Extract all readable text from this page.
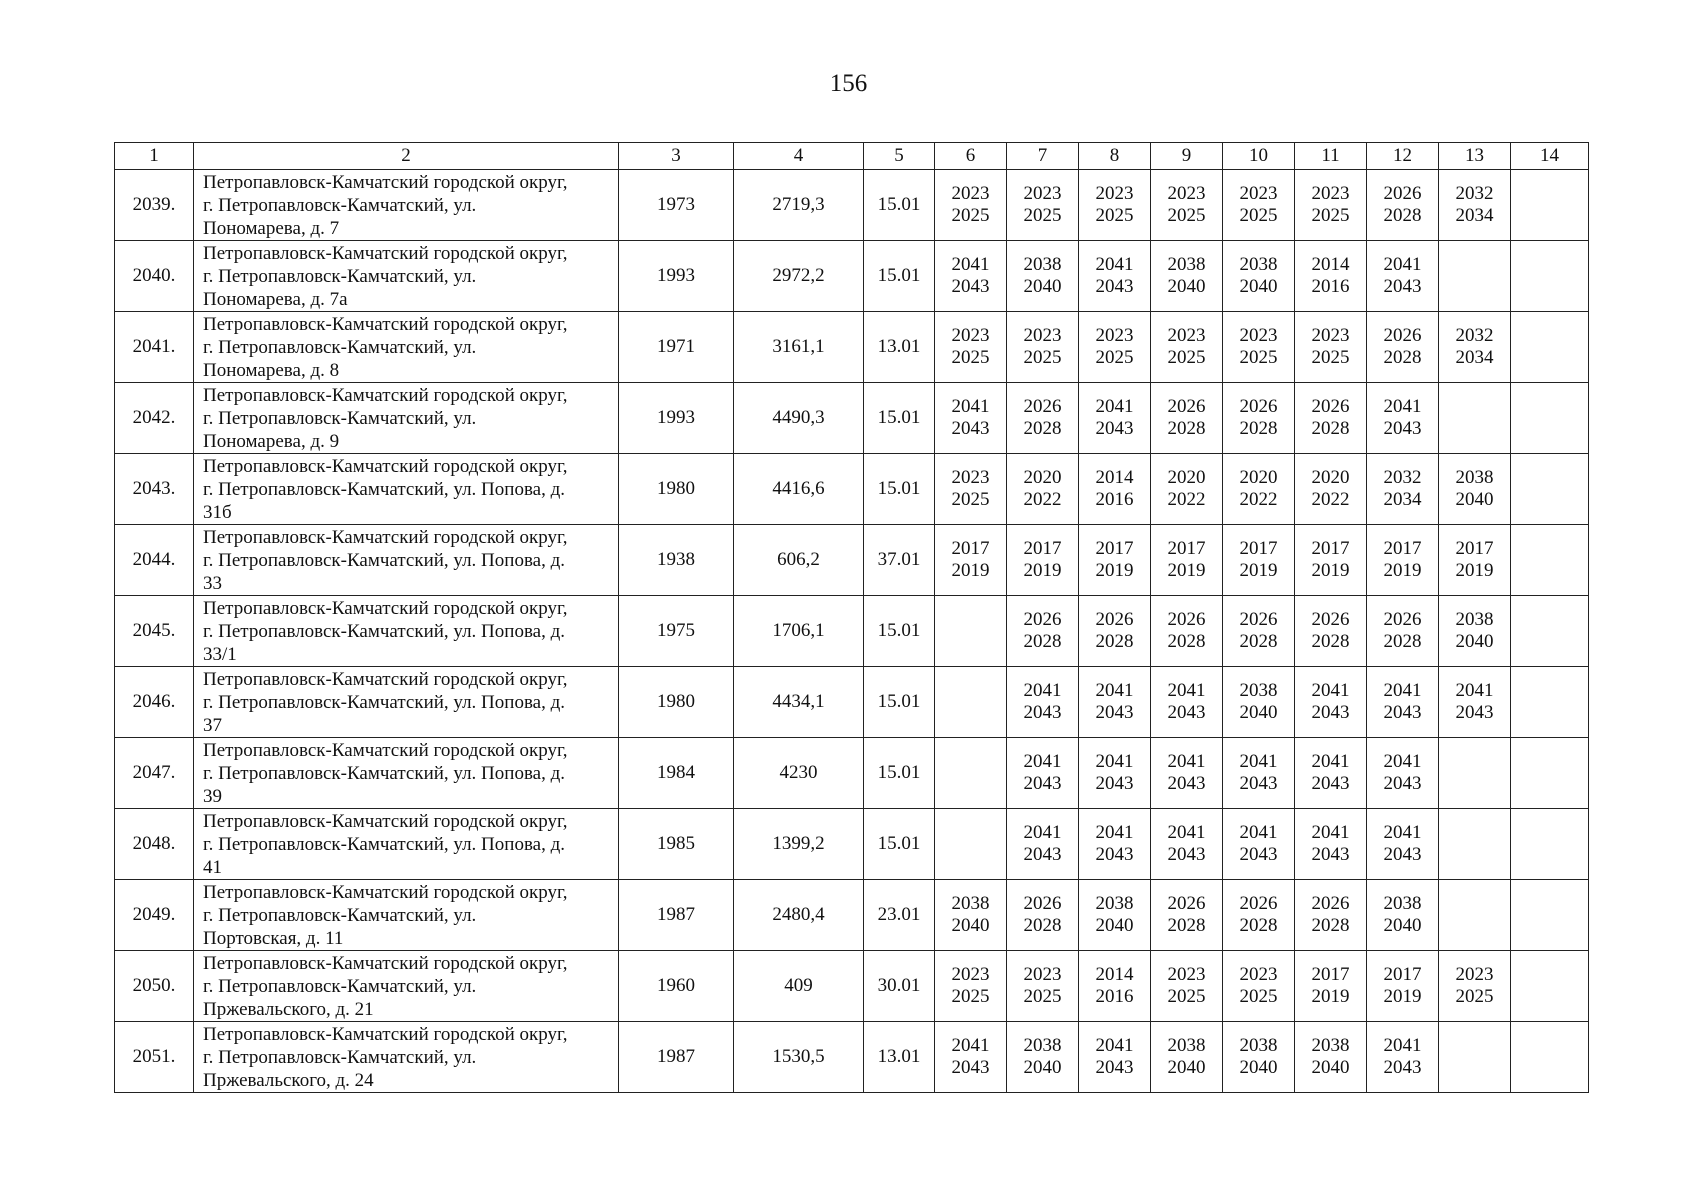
156
1	2	3	4	5	6	7	8	9	10	11	12	13	14
2039.	Петропавловск-Камчатский городской округ,
г. Петропавловск-Камчатский, ул.
Пономарева, д. 7	1973	2719,3	15.01	2023
2025	2023
2025	2023
2025	2023
2025	2023
2025	2023
2025	2026
2028	2032
2034	

2040.	Петропавловск-Камчатский городской округ,
г. Петропавловск-Камчатский, ул.
Пономарева, д. 7а	1993	2972,2	15.01	2041
2043	2038
2040	2041
2043	2038
2040	2038
2040	2014
2016	2041
2043		

2041.	Петропавловск-Камчатский городской округ,
г. Петропавловск-Камчатский, ул.
Пономарева, д. 8	1971	3161,1	13.01	2023
2025	2023
2025	2023
2025	2023
2025	2023
2025	2023
2025	2026
2028	2032
2034	

2042.	Петропавловск-Камчатский городской округ,
г. Петропавловск-Камчатский, ул.
Пономарева, д. 9	1993	4490,3	15.01	2041
2043	2026
2028	2041
2043	2026
2028	2026
2028	2026
2028	2041
2043		

2043.	Петропавловск-Камчатский городской округ,
г. Петропавловск-Камчатский, ул. Попова, д.
31б	1980	4416,6	15.01	2023
2025	2020
2022	2014
2016	2020
2022	2020
2022	2020
2022	2032
2034	2038
2040	

2044.	Петропавловск-Камчатский городской округ,
г. Петропавловск-Камчатский, ул. Попова, д.
33	1938	606,2	37.01	2017
2019	2017
2019	2017
2019	2017
2019	2017
2019	2017
2019	2017
2019	2017
2019	

2045.	Петропавловск-Камчатский городской округ,
г. Петропавловск-Камчатский, ул. Попова, д.
33/1	1975	1706,1	15.01		2026
2028	2026
2028	2026
2028	2026
2028	2026
2028	2026
2028	2038
2040	

2046.	Петропавловск-Камчатский городской округ,
г. Петропавловск-Камчатский, ул. Попова, д.
37	1980	4434,1	15.01		2041
2043	2041
2043	2041
2043	2038
2040	2041
2043	2041
2043	2041
2043	

2047.	Петропавловск-Камчатский городской округ,
г. Петропавловск-Камчатский, ул. Попова, д.
39	1984	4230	15.01		2041
2043	2041
2043	2041
2043	2041
2043	2041
2043	2041
2043		

2048.	Петропавловск-Камчатский городской округ,
г. Петропавловск-Камчатский, ул. Попова, д.
41	1985	1399,2	15.01		2041
2043	2041
2043	2041
2043	2041
2043	2041
2043	2041
2043		

2049.	Петропавловск-Камчатский городской округ,
г. Петропавловск-Камчатский, ул.
Портовская, д. 11	1987	2480,4	23.01	2038
2040	2026
2028	2038
2040	2026
2028	2026
2028	2026
2028	2038
2040		

2050.	Петропавловск-Камчатский городской округ,
г. Петропавловск-Камчатский, ул.
Пржевальского, д. 21	1960	409	30.01	2023
2025	2023
2025	2014
2016	2023
2025	2023
2025	2017
2019	2017
2019	2023
2025	

2051.	Петропавловск-Камчатский городской округ,
г. Петропавловск-Камчатский, ул.
Пржевальского, д. 24	1987	1530,5	13.01	2041
2043	2038
2040	2041
2043	2038
2040	2038
2040	2038
2040	2041
2043		
